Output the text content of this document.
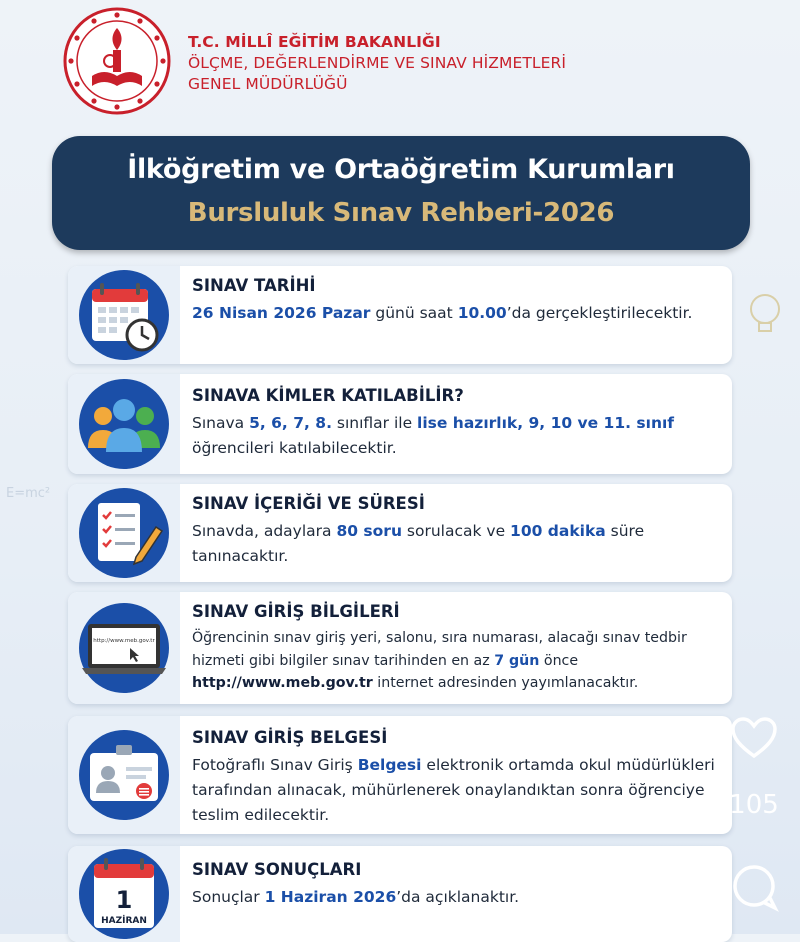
E=mc²
T.C. MİLLÎ EĞİTİM BAKANLIĞI
ÖLÇME, DEĞERLENDİRME VE SINAV HİZMETLERİ
GENEL MÜDÜRLÜĞÜ
İlköğretim ve Ortaöğretim Kurumları
Bursluluk Sınav Rehberi-2026
SINAV TARİHİ
26 Nisan 2026 Pazar günü saat 10.00’da gerçekleştirilecektir.
SINAVA KİMLER KATILABİLİR?
Sınava 5, 6, 7, 8. sınıflar ile lise hazırlık, 9, 10 ve 11. sınıf öğrencileri katılabilecektir.
SINAV İÇERİĞİ VE SÜRESİ
Sınavda, adaylara 80 soru sorulacak ve 100 dakika süre tanınacaktır.
http://www.meb.gov.tr
SINAV GİRİŞ BİLGİLERİ
Öğrencinin sınav giriş yeri, salonu, sıra numarası, alacağı sınav tedbir hizmeti gibi bilgiler sınav tarihinden en az 7 gün önce http://www.meb.gov.tr internet adresinden yayımlanacaktır.
SINAV GİRİŞ BELGESİ
Fotoğraflı Sınav Giriş Belgesi elektronik ortamda okul müdürlükleri tarafından alınacak, mühürlenerek onaylandıktan sonra öğrenciye teslim edilecektir.
1
HAZİRAN
SINAV SONUÇLARI
Sonuçlar 1 Haziran 2026’da açıklanaktır.
105
